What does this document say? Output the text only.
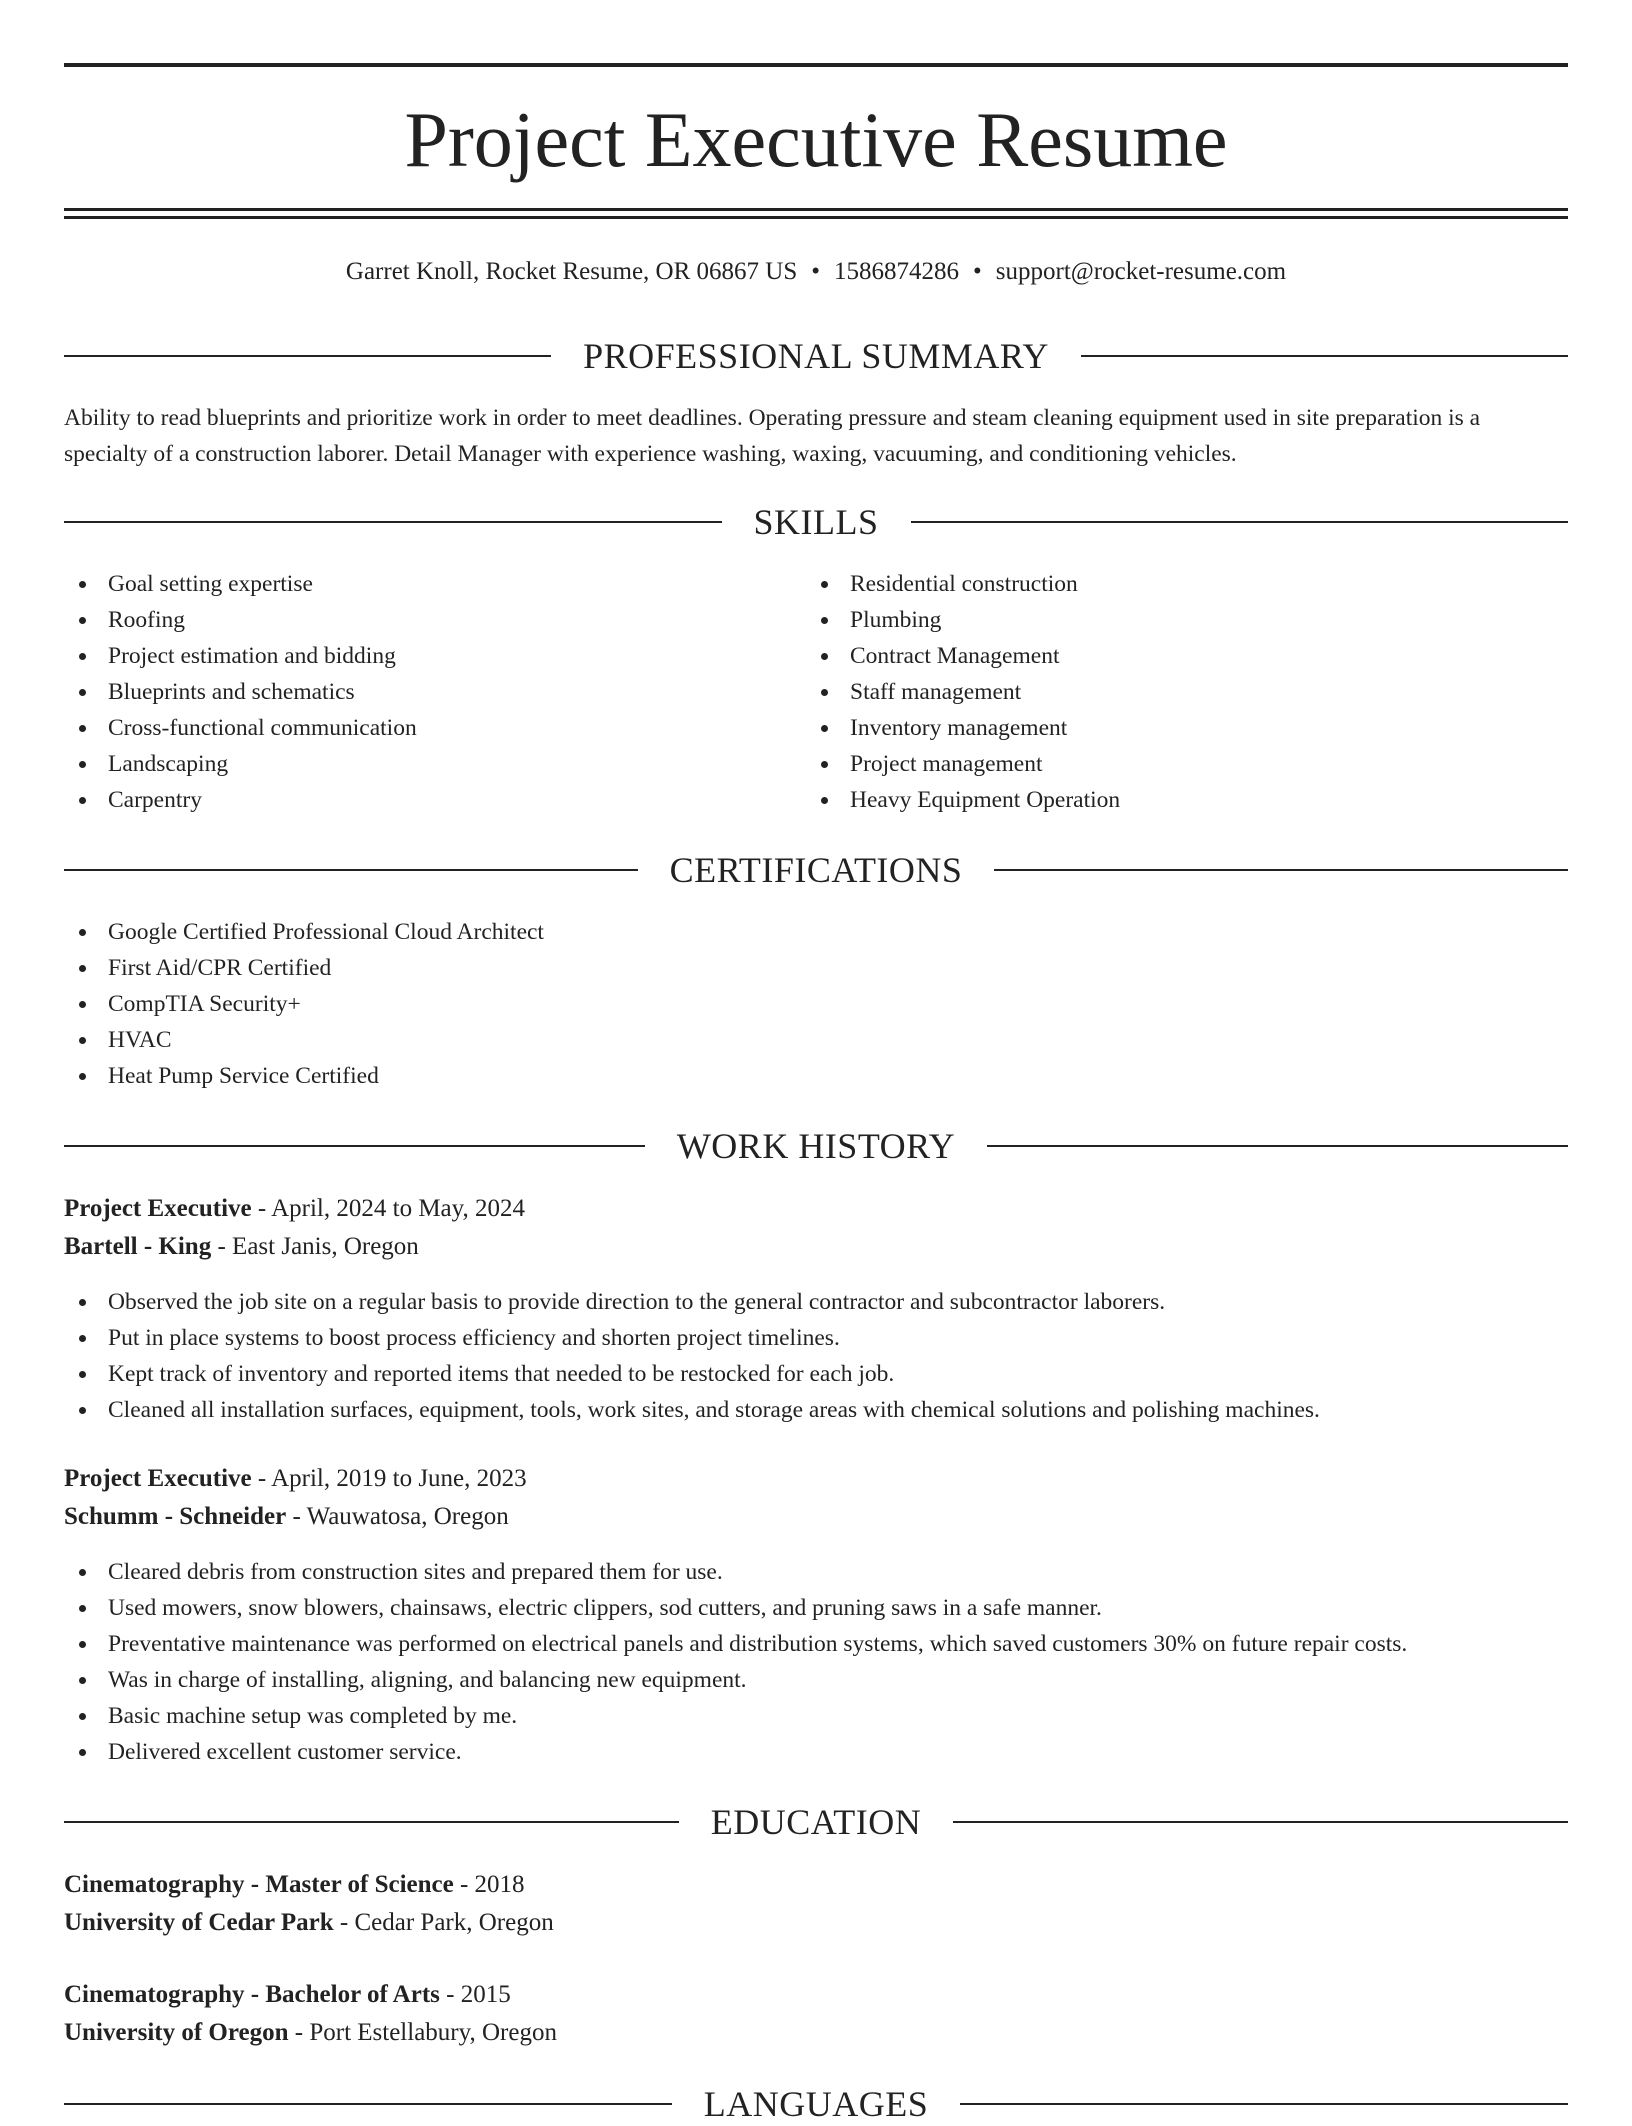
Project Executive Resume
Garret Knoll, Rocket Resume, OR 06867 US • 1586874286 • support@rocket-resume.com
PROFESSIONAL SUMMARY
Ability to read blueprints and prioritize work in order to meet deadlines. Operating pressure and steam cleaning equipment used in site preparation is a specialty of a construction laborer. Detail Manager with experience washing, waxing, vacuuming, and conditioning vehicles.
SKILLS
Goal setting expertise
Roofing
Project estimation and bidding
Blueprints and schematics
Cross-functional communication
Landscaping
Carpentry
Residential construction
Plumbing
Contract Management
Staff management
Inventory management
Project management
Heavy Equipment Operation
CERTIFICATIONS
Google Certified Professional Cloud Architect
First Aid/CPR Certified
CompTIA Security+
HVAC
Heat Pump Service Certified
WORK HISTORY
Project Executive - April, 2024 to May, 2024
Bartell - King - East Janis, Oregon
Observed the job site on a regular basis to provide direction to the general contractor and subcontractor laborers.
Put in place systems to boost process efficiency and shorten project timelines.
Kept track of inventory and reported items that needed to be restocked for each job.
Cleaned all installation surfaces, equipment, tools, work sites, and storage areas with chemical solutions and polishing machines.
Project Executive - April, 2019 to June, 2023
Schumm - Schneider - Wauwatosa, Oregon
Cleared debris from construction sites and prepared them for use.
Used mowers, snow blowers, chainsaws, electric clippers, sod cutters, and pruning saws in a safe manner.
Preventative maintenance was performed on electrical panels and distribution systems, which saved customers 30% on future repair costs.
Was in charge of installing, aligning, and balancing new equipment.
Basic machine setup was completed by me.
Delivered excellent customer service.
EDUCATION
Cinematography - Master of Science - 2018
University of Cedar Park - Cedar Park, Oregon
Cinematography - Bachelor of Arts - 2015
University of Oregon - Port Estellabury, Oregon
LANGUAGES
